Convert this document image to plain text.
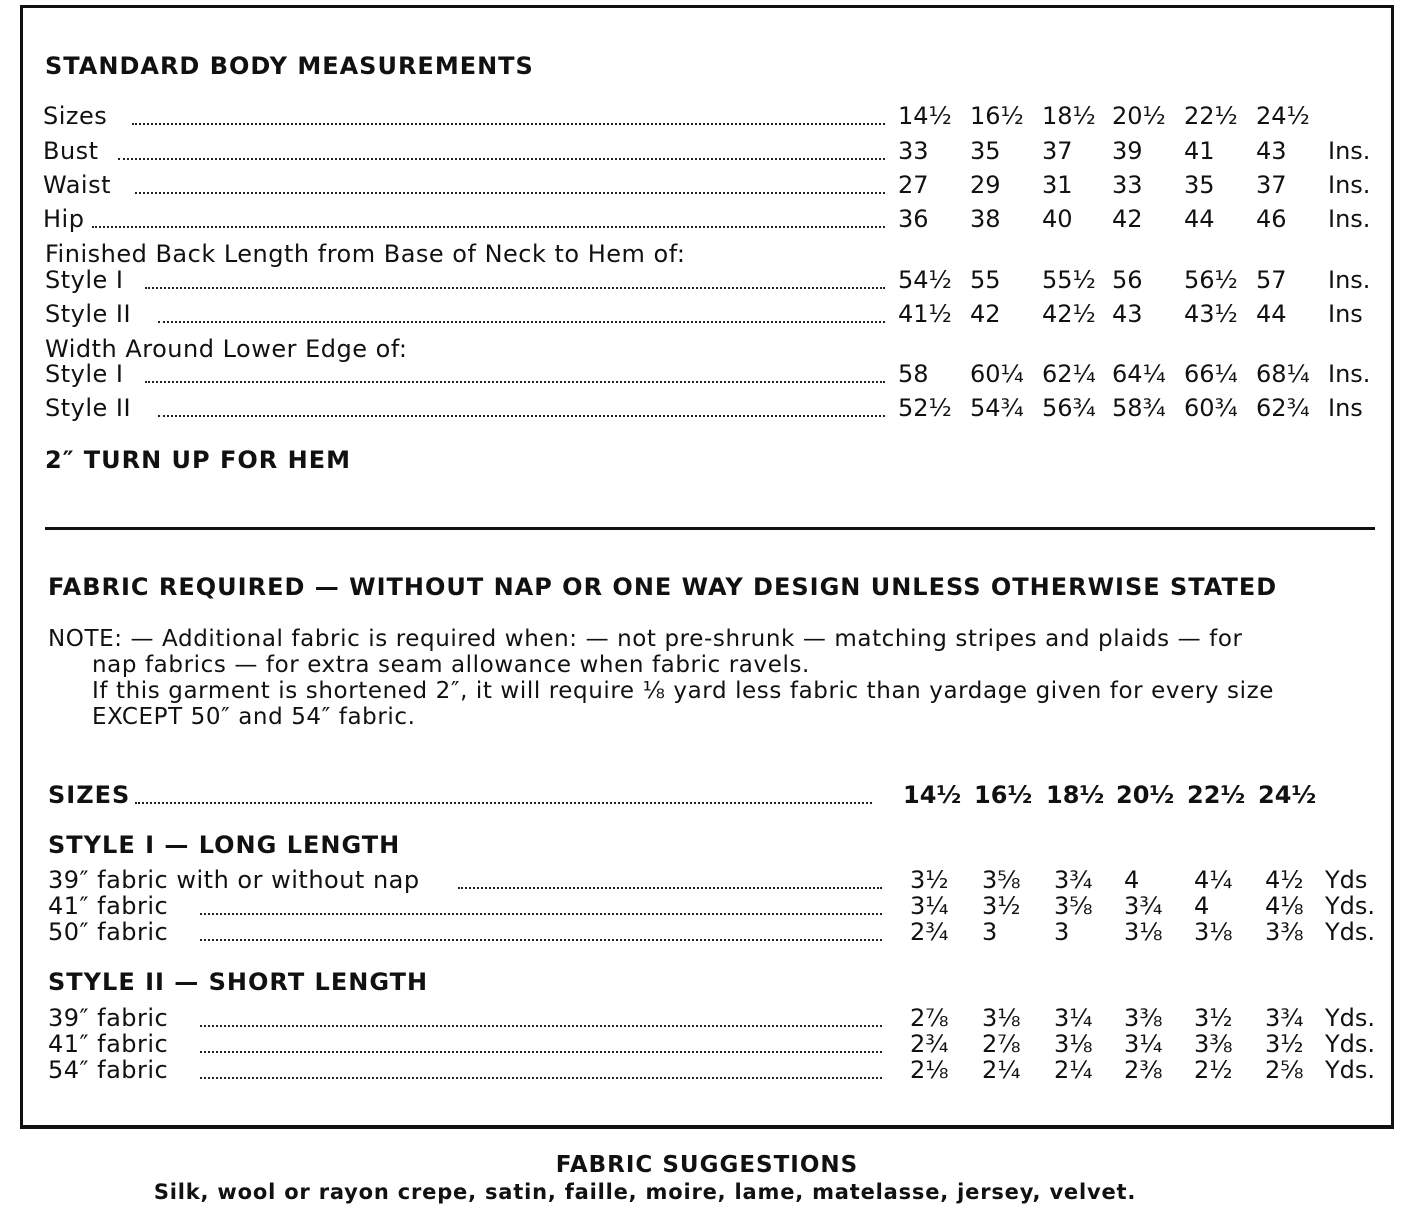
STANDARD BODY MEASUREMENTS
Sizes	14½ 16½ 18½ 20½ 22½ 24½
Bust	33 35 37 39 41 43 Ins.
Waist	27 29 31 33 35 37 Ins.
Hip	36 38 40 42 44 46 Ins.
Finished Back Length from Base of Neck to Hem of:
Style I	54½ 55 55½ 56 56½ 57 Ins.
Style II	41½ 42 42½ 43 43½ 44 Ins
Width Around Lower Edge of:
Style I	58 60¼ 62¼ 64¼ 66¼ 68¼ Ins.
Style II	52½ 54¾ 56¾ 58¾ 60¾ 62¾ Ins
2″ TURN UP FOR HEM
FABRIC REQUIRED — WITHOUT NAP OR ONE WAY DESIGN UNLESS OTHERWISE STATED
NOTE: — Additional fabric is required when: — not pre-shrunk — matching stripes and plaids — for
nap fabrics — for extra seam allowance when fabric ravels.
If this garment is shortened 2″, it will require ⅛ yard less fabric than yardage given for every size
EXCEPT 50″ and 54″ fabric.
SIZES	14½ 16½ 18½ 20½ 22½ 24½
STYLE I — LONG LENGTH
39″ fabric with or without nap	3½ 3⅝ 3¾ 4 4¼ 4½ Yds
41″ fabric	3¼ 3½ 3⅝ 3¾ 4 4⅛ Yds.
50″ fabric	2¾ 3 3 3⅛ 3⅛ 3⅜ Yds.
STYLE II — SHORT LENGTH
39″ fabric	2⅞ 3⅛ 3¼ 3⅜ 3½ 3¾ Yds.
41″ fabric	2¾ 2⅞ 3⅛ 3¼ 3⅜ 3½ Yds.
54″ fabric	2⅛ 2¼ 2¼ 2⅜ 2½ 2⅝ Yds.
FABRIC SUGGESTIONS
Silk, wool or rayon crepe, satin, faille, moire, lame, matelasse, jersey, velvet.
